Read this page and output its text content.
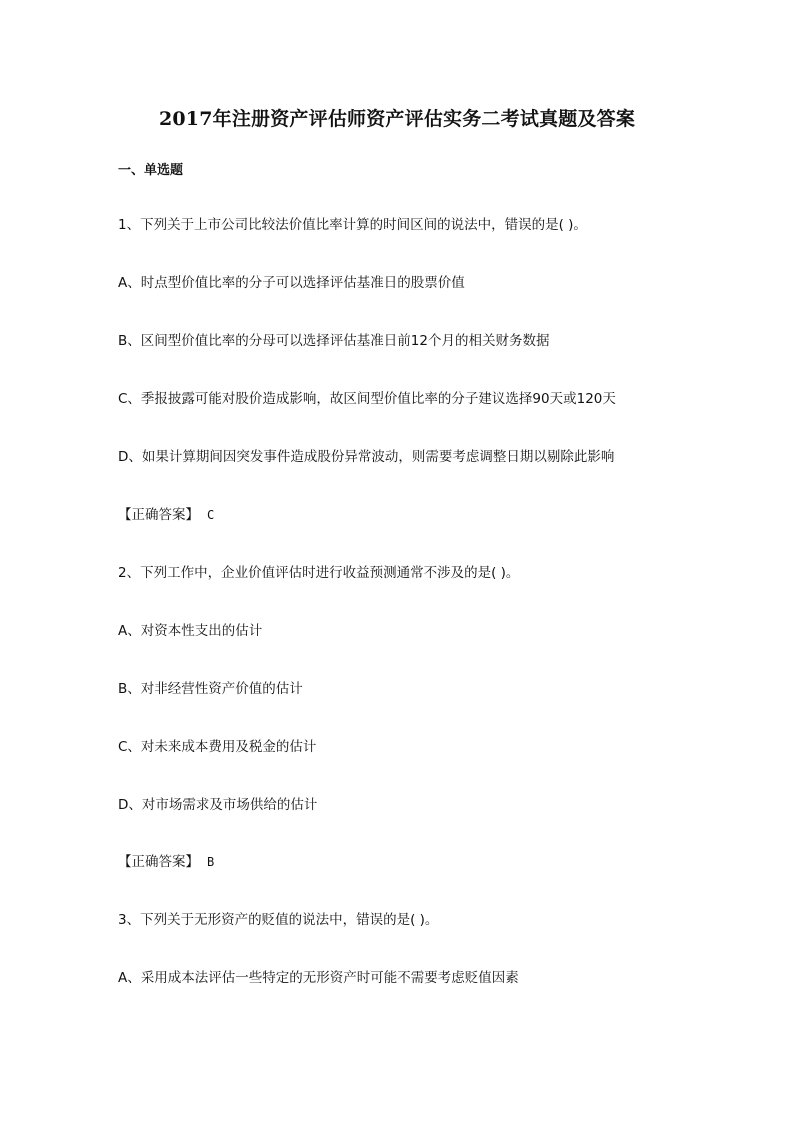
2017年注册资产评估师资产评估实务二考试真题及答案
一、单选题
1、下列关于上市公司比较法价值比率计算的时间区间的说法中，错误的是( )。
A、时点型价值比率的分子可以选择评估基准日的股票价值
B、区间型价值比率的分母可以选择评估基准日前12个月的相关财务数据
C、季报披露可能对股价造成影响，故区间型价值比率的分子建议选择90天或120天
D、如果计算期间因突发事件造成股份异常波动，则需要考虑调整日期以剔除此影响
【正确答案】 C
2、下列工作中，企业价值评估时进行收益预测通常不涉及的是( )。
A、对资本性支出的估计
B、对非经营性资产价值的估计
C、对未来成本费用及税金的估计
D、对市场需求及市场供给的估计
【正确答案】 B
3、下列关于无形资产的贬值的说法中，错误的是( )。
A、采用成本法评估一些特定的无形资产时可能不需要考虑贬值因素
